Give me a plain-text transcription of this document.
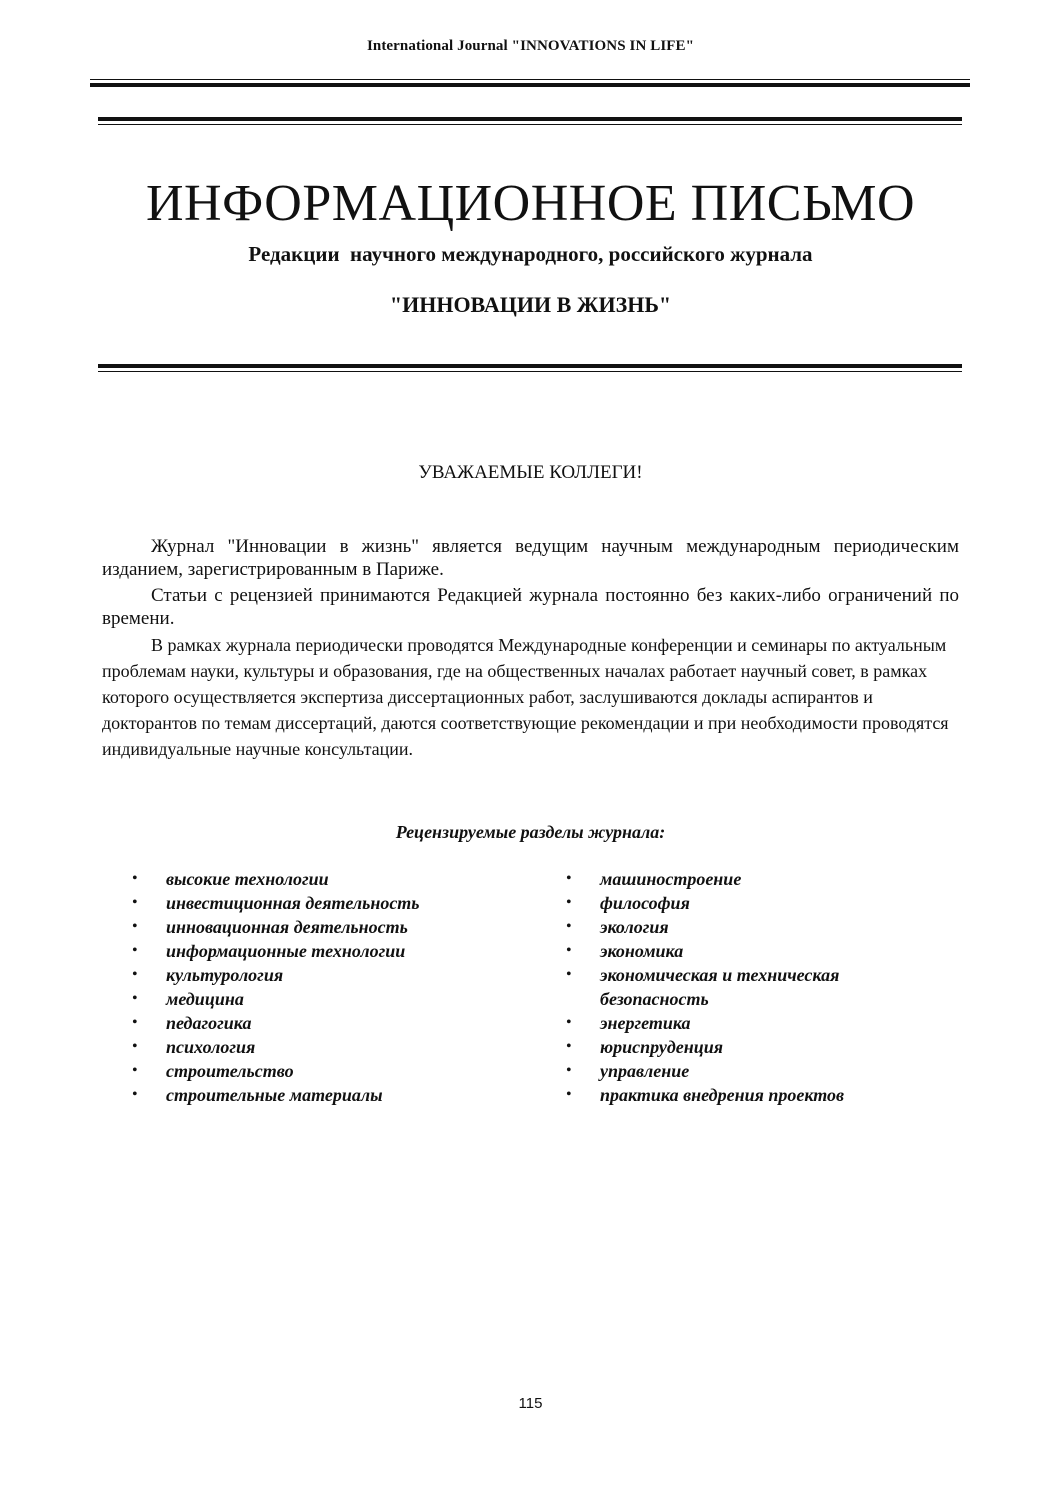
International Journal "INNOVATIONS IN LIFE"
ИНФОРМАЦИОННОЕ ПИСЬМО
Редакции  научного международного, российского журнала
"ИННОВАЦИИ В ЖИЗНЬ"
УВАЖАЕМЫЕ КОЛЛЕГИ!
Журнал "Инновации в жизнь" является ведущим научным международным периодическим изданием, зарегистрированным в Париже.
Статьи с рецензией принимаются Редакцией журнала постоянно без каких-либо ограничений по времени.
В рамках журнала периодически проводятся Международные конференции и семинары по актуальным проблемам науки, культуры и образования, где на общественных началах работает научный совет, в рамках которого осуществляется экспертиза диссертационных работ, заслушиваются доклады аспирантов и докторантов по темам диссертаций, даются соответствующие рекомендации и при необходимости проводятся индивидуальные научные консультации.
Рецензируемые разделы журнала:
• высокие технологии
• инвестиционная деятельность
• инновационная деятельность
• информационные технологии
• культурология
• медицина
• педагогика
• психология
• строительство
• строительные материалы
• машиностроение
• философия
• экология
• экономика
• экономическая и техническая безопасность
• энергетика
• юриспруденция
• управление
• практика внедрения проектов
115
